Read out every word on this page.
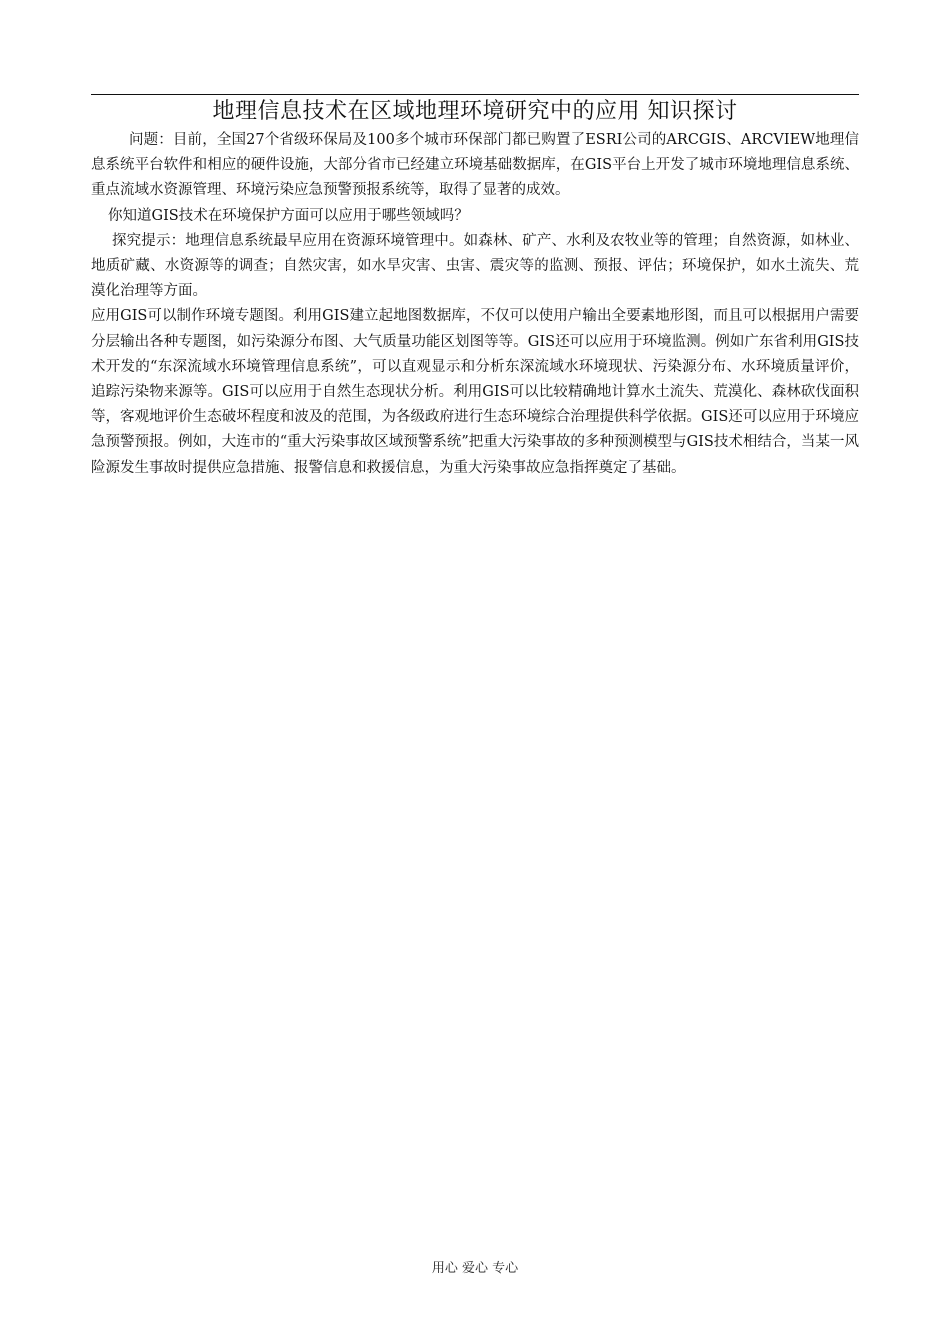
地理信息技术在区域地理环境研究中的应用 知识探讨

问题：目前，全国27个省级环保局及100多个城市环保部门都已购置了ESRI公司的ARCGIS、ARCVIEW地理信息系统平台软件和相应的硬件设施，大部分省市已经建立环境基础数据库，在GIS平台上开发了城市环境地理信息系统、重点流域水资源管理、环境污染应急预警预报系统等，取得了显著的成效。

你知道GIS技术在环境保护方面可以应用于哪些领域吗？

探究提示：地理信息系统最早应用在资源环境管理中。如森林、矿产、水利及农牧业等的管理；自然资源，如林业、地质矿藏、水资源等的调查；自然灾害，如水旱灾害、虫害、震灾等的监测、预报、评估；环境保护，如水土流失、荒漠化治理等方面。

应用GIS可以制作环境专题图。利用GIS建立起地图数据库，不仅可以使用户输出全要素地形图，而且可以根据用户需要分层输出各种专题图，如污染源分布图、大气质量功能区划图等等。GIS还可以应用于环境监测。例如广东省利用GIS技术开发的“东深流域水环境管理信息系统”，可以直观显示和分析东深流域水环境现状、污染源分布、水环境质量评价，追踪污染物来源等。GIS可以应用于自然生态现状分析。利用GIS可以比较精确地计算水土流失、荒漠化、森林砍伐面积等，客观地评价生态破坏程度和波及的范围，为各级政府进行生态环境综合治理提供科学依据。GIS还可以应用于环境应急预警预报。例如，大连市的“重大污染事故区域预警系统”把重大污染事故的多种预测模型与GIS技术相结合，当某一风险源发生事故时提供应急措施、报警信息和救援信息，为重大污染事故应急指挥奠定了基础。

用心 爱心 专心
